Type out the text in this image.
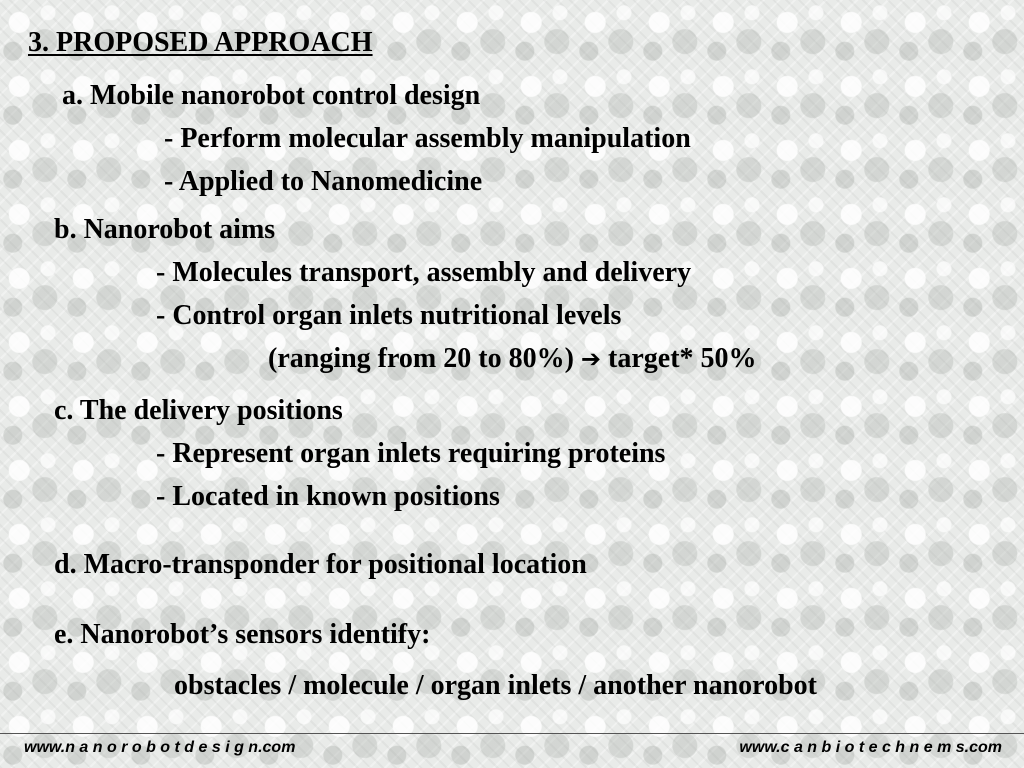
3. PROPOSED APPROACH
a. Mobile nanorobot control design
- Perform molecular assembly manipulation
- Applied to Nanomedicine
b. Nanorobot aims
- Molecules transport, assembly and delivery
- Control organ inlets nutritional levels
(ranging from 20 to 80%) ➔ target* 50%
c. The delivery positions
- Represent organ inlets requiring proteins
- Located in known positions
d. Macro-transponder for positional location
e. Nanorobot’s sensors identify:
obstacles / molecule / organ inlets / another nanorobot
www.n a n o r o b o t d e s i g n.com	www.c a n b i o t e c h n e m s.com
